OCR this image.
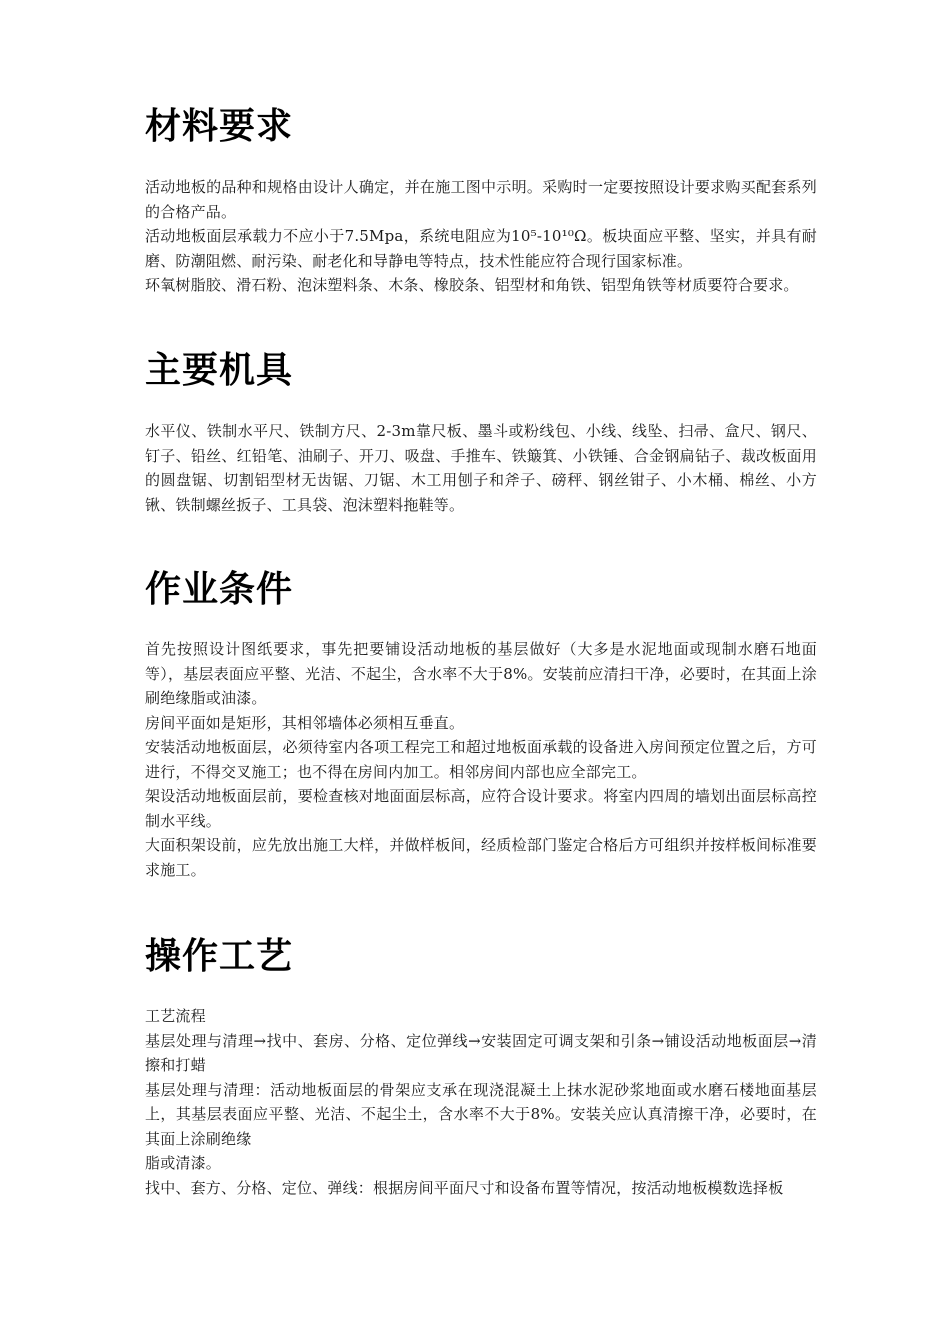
材料要求

活动地板的品种和规格由设计人确定，并在施工图中示明。采购时一定要按照设计要求购买配套系列的合格产品。

活动地板面层承载力不应小于7.5Mpa，系统电阻应为10⁵-10¹⁰Ω。板块面应平整、坚实，并具有耐磨、防潮阻燃、耐污染、耐老化和导静电等特点，技术性能应符合现行国家标准。

环氧树脂胶、滑石粉、泡沫塑料条、木条、橡胶条、铝型材和角铁、铝型角铁等材质要符合要求。

主要机具

水平仪、铁制水平尺、铁制方尺、2-3m靠尺板、墨斗或粉线包、小线、线坠、扫帚、盒尺、钢尺、钉子、铅丝、红铅笔、油刷子、开刀、吸盘、手推车、铁簸箕、小铁锤、合金钢扁钻子、裁改板面用的圆盘锯、切割铝型材无齿锯、刀锯、木工用刨子和斧子、磅秤、钢丝钳子、小木桶、棉丝、小方锹、铁制螺丝扳子、工具袋、泡沫塑料拖鞋等。

作业条件

首先按照设计图纸要求，事先把要铺设活动地板的基层做好（大多是水泥地面或现制水磨石地面等），基层表面应平整、光洁、不起尘，含水率不大于8%。安装前应清扫干净，必要时，在其面上涂刷绝缘脂或油漆。

房间平面如是矩形，其相邻墙体必须相互垂直。

安装活动地板面层，必须待室内各项工程完工和超过地板面承载的设备进入房间预定位置之后，方可进行，不得交叉施工；也不得在房间内加工。相邻房间内部也应全部完工。

架设活动地板面层前，要检查核对地面面层标高，应符合设计要求。将室内四周的墙划出面层标高控制水平线。

大面积架设前，应先放出施工大样，并做样板间，经质检部门鉴定合格后方可组织并按样板间标准要求施工。

操作工艺

工艺流程

基层处理与清理→找中、套房、分格、定位弹线→安装固定可调支架和引条→铺设活动地板面层→清擦和打蜡

基层处理与清理：活动地板面层的骨架应支承在现浇混凝土上抹水泥砂浆地面或水磨石楼地面基层上，其基层表面应平整、光洁、不起尘土，含水率不大于8%。安装关应认真清擦干净，必要时，在其面上涂刷绝缘

脂或清漆。

找中、套方、分格、定位、弹线：根据房间平面尺寸和设备布置等情况，按活动地板模数选择板
